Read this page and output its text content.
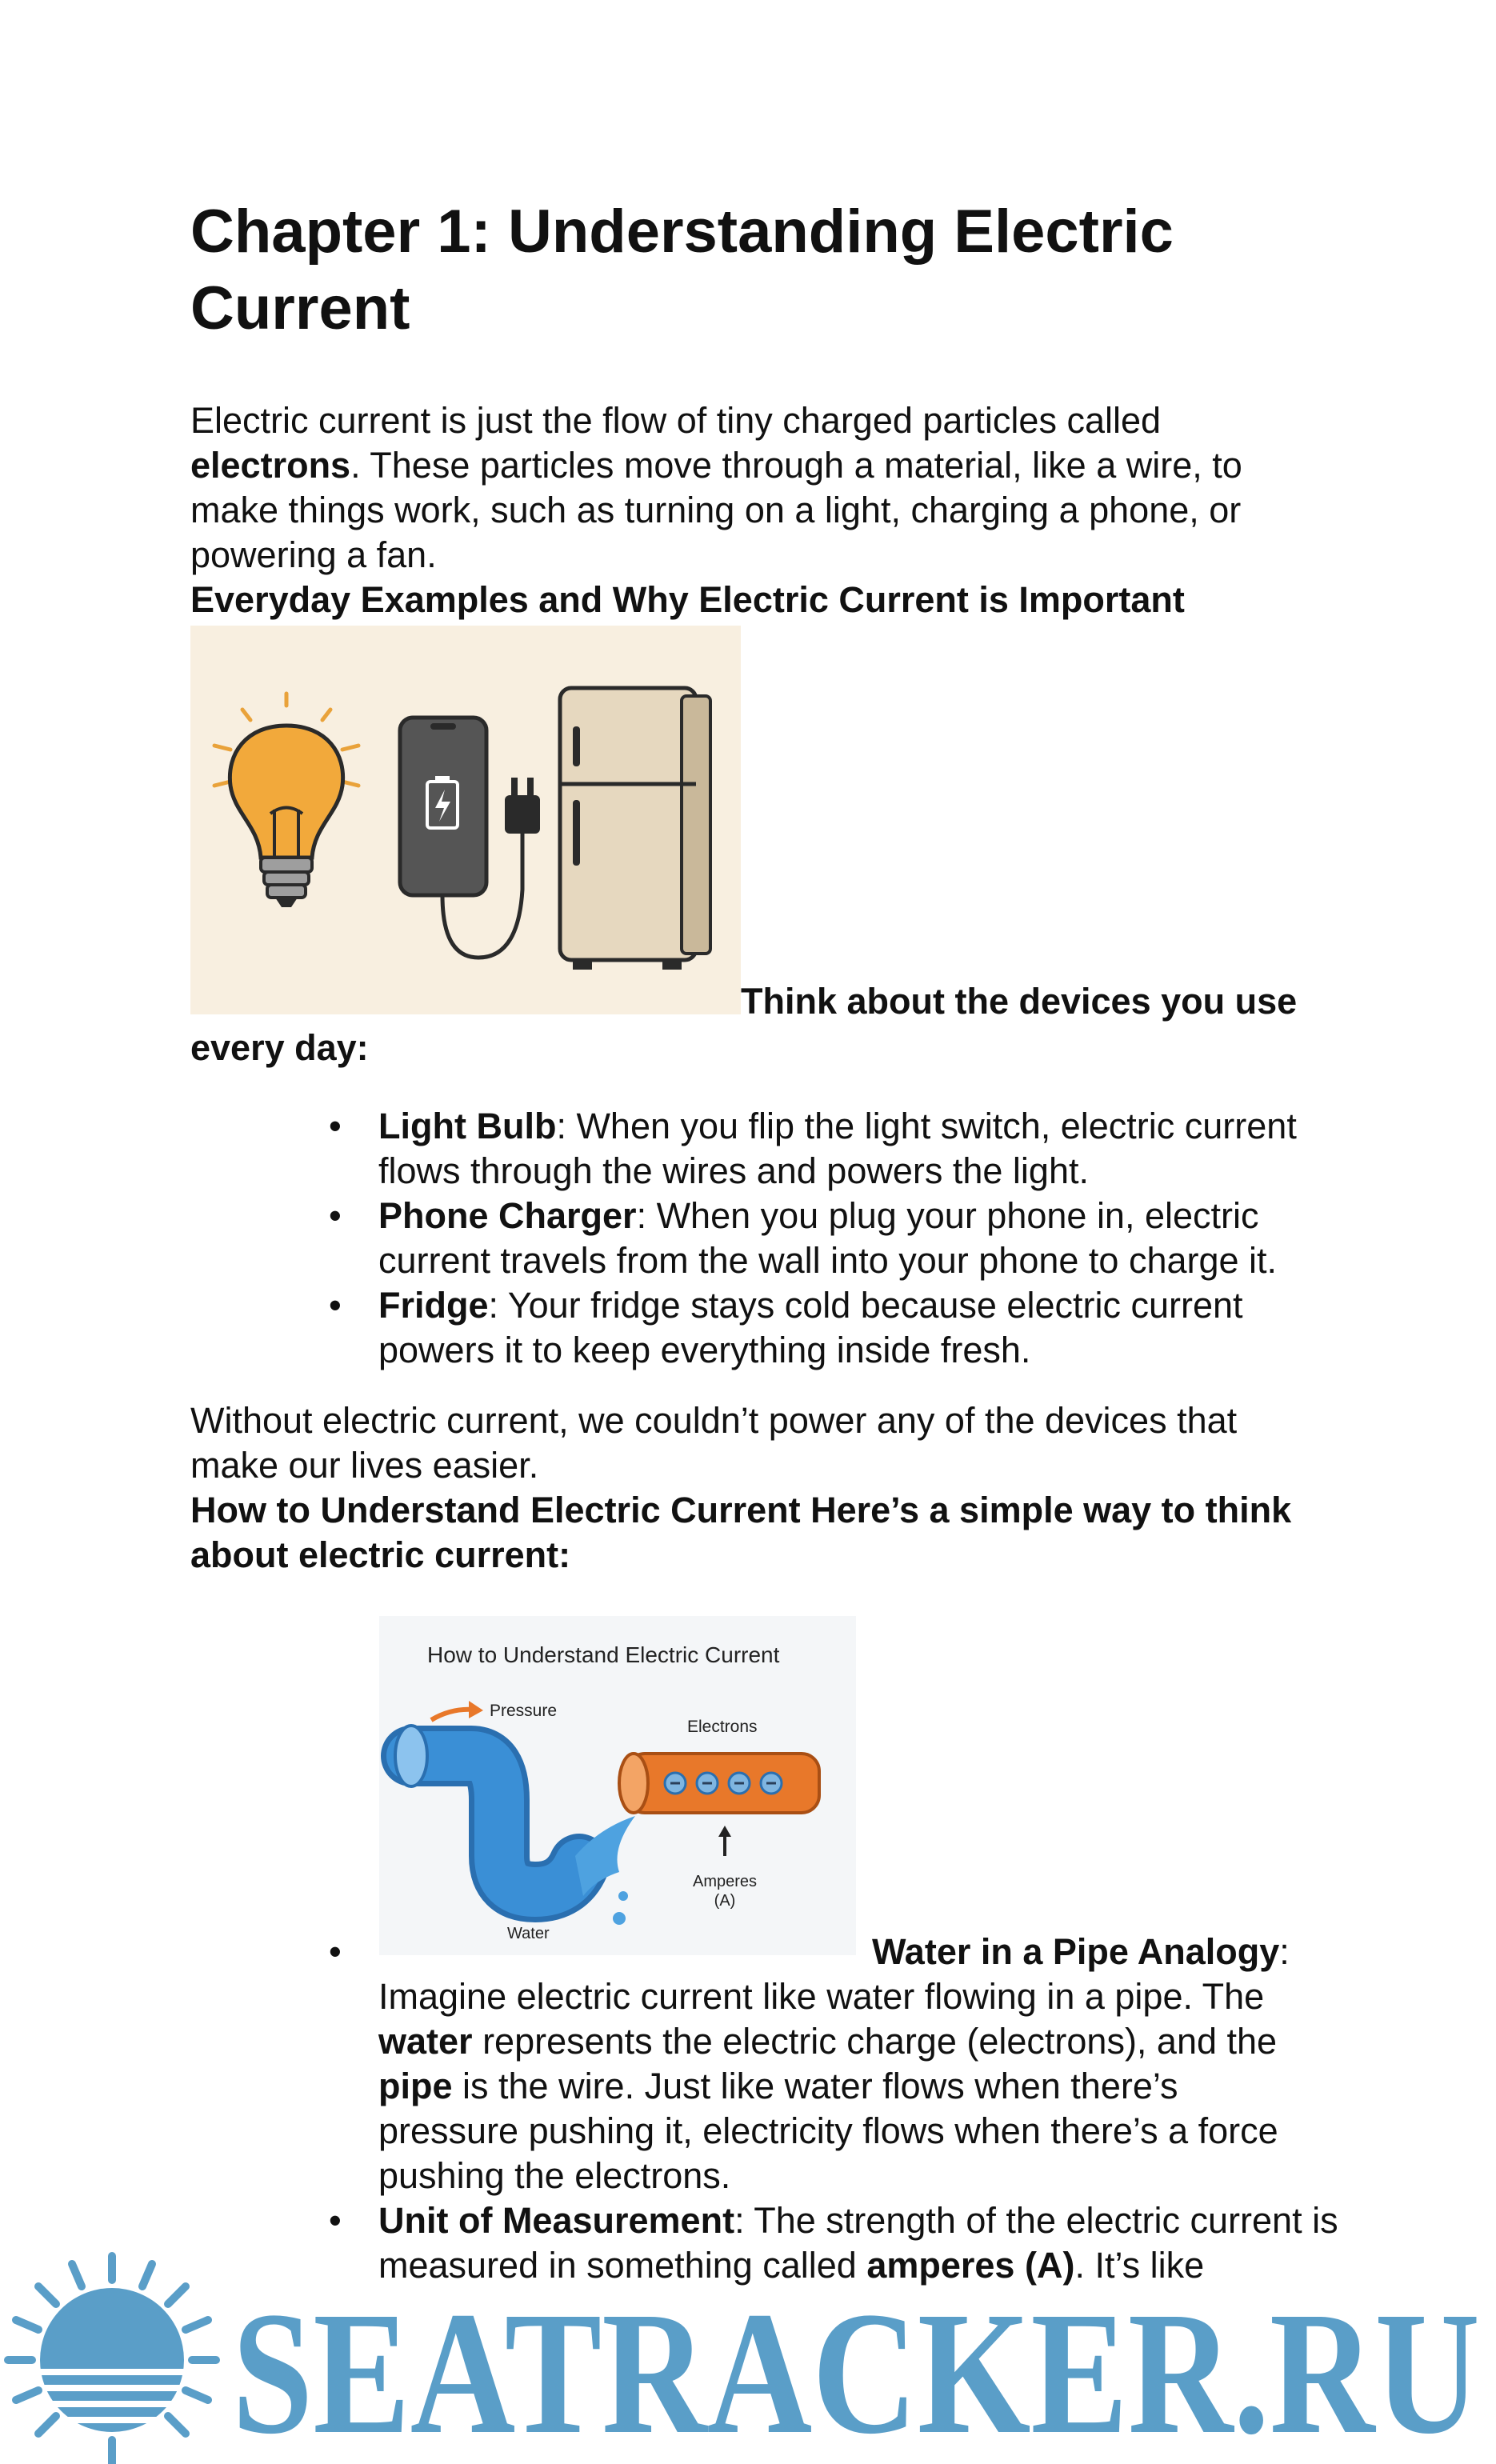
Chapter 1: Understanding Electric Current

Electric current is just the flow of tiny charged particles called electrons. These particles move through a material, like a wire, to make things work, such as turning on a light, charging a phone, or powering a fan.

Everyday Examples and Why Electric Current is Important

Think about the devices you use

every day:

• Light Bulb: When you flip the light switch, electric current flows through the wires and powers the light.
• Phone Charger: When you plug your phone in, electric current travels from the wall into your phone to charge it.
• Fridge: Your fridge stays cold because electric current powers it to keep everything inside fresh.

Without electric current, we couldn’t power any of the devices that make our lives easier.

How to Understand Electric Current Here’s a simple way to think about electric current:

How to Understand Electric Current
Pressure
Water
Electrons
Amperes
(A)
•	Water in a Pipe Analogy:

Imagine electric current like water flowing in a pipe. The water represents the electric charge (electrons), and the pipe is the wire. Just like water flows when there’s pressure pushing it, electricity flows when there’s a force pushing the electrons.

• Unit of Measurement: The strength of the electric current is measured in something called amperes (A). It’s like
SEATRACKER.RU
